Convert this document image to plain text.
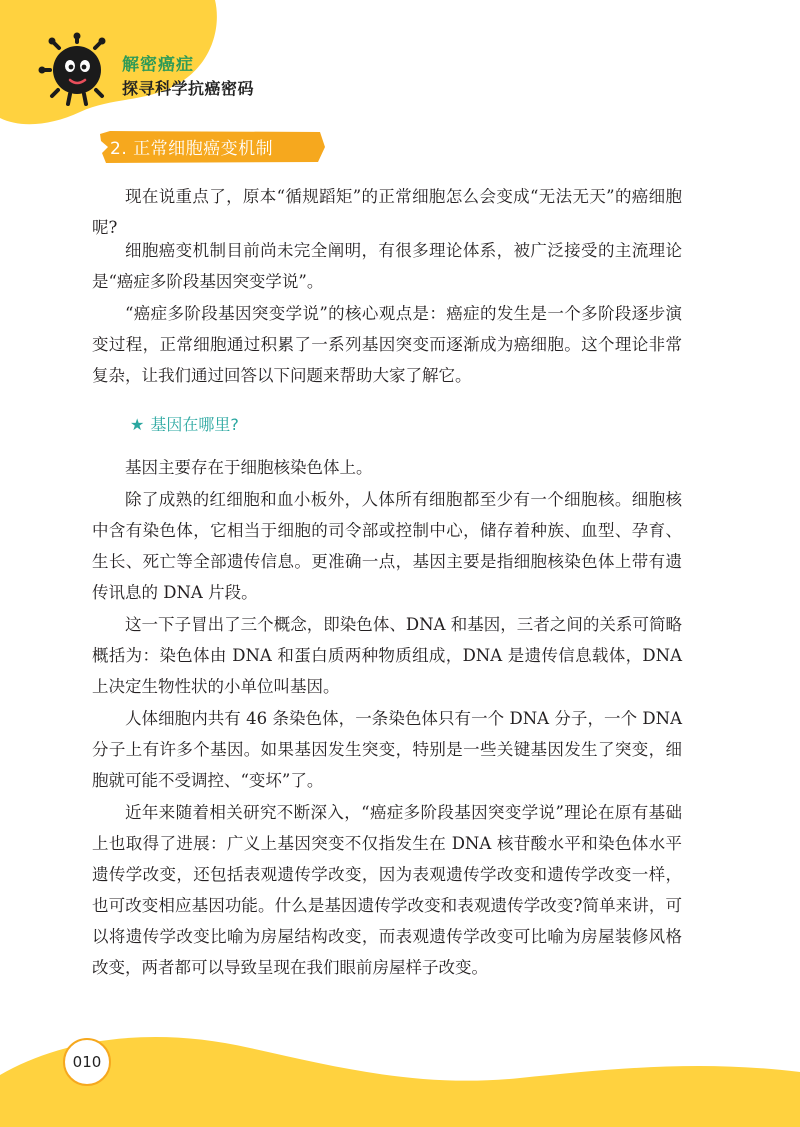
解密癌症
探寻科学抗癌密码
2. 正常细胞癌变机制

现在说重点了，原本“循规蹈矩”的正常细胞怎么会变成“无法无天”的癌细胞呢?

细胞癌变机制目前尚未完全阐明，有很多理论体系，被广泛接受的主流理论是“癌症多阶段基因突变学说”。

“癌症多阶段基因突变学说”的核心观点是：癌症的发生是一个多阶段逐步演变过程，正常细胞通过积累了一系列基因突变而逐渐成为癌细胞。这个理论非常复杂，让我们通过回答以下问题来帮助大家了解它。

★ 基因在哪里?

基因主要存在于细胞核染色体上。

除了成熟的红细胞和血小板外，人体所有细胞都至少有一个细胞核。细胞核中含有染色体，它相当于细胞的司令部或控制中心，储存着种族、血型、孕育、生长、死亡等全部遗传信息。更准确一点，基因主要是指细胞核染色体上带有遗传讯息的 DNA 片段。

这一下子冒出了三个概念，即染色体、DNA 和基因，三者之间的关系可简略概括为：染色体由 DNA 和蛋白质两种物质组成，DNA 是遗传信息载体，DNA 上决定生物性状的小单位叫基因。

人体细胞内共有 46 条染色体，一条染色体只有一个 DNA 分子，一个 DNA 分子上有许多个基因。如果基因发生突变，特别是一些关键基因发生了突变，细胞就可能不受调控、“变坏”了。

近年来随着相关研究不断深入，“癌症多阶段基因突变学说”理论在原有基础上也取得了进展：广义上基因突变不仅指发生在 DNA 核苷酸水平和染色体水平遗传学改变，还包括表观遗传学改变，因为表观遗传学改变和遗传学改变一样，也可改变相应基因功能。什么是基因遗传学改变和表观遗传学改变?简单来讲，可以将遗传学改变比喻为房屋结构改变，而表观遗传学改变可比喻为房屋装修风格改变，两者都可以导致呈现在我们眼前房屋样子改变。

010
